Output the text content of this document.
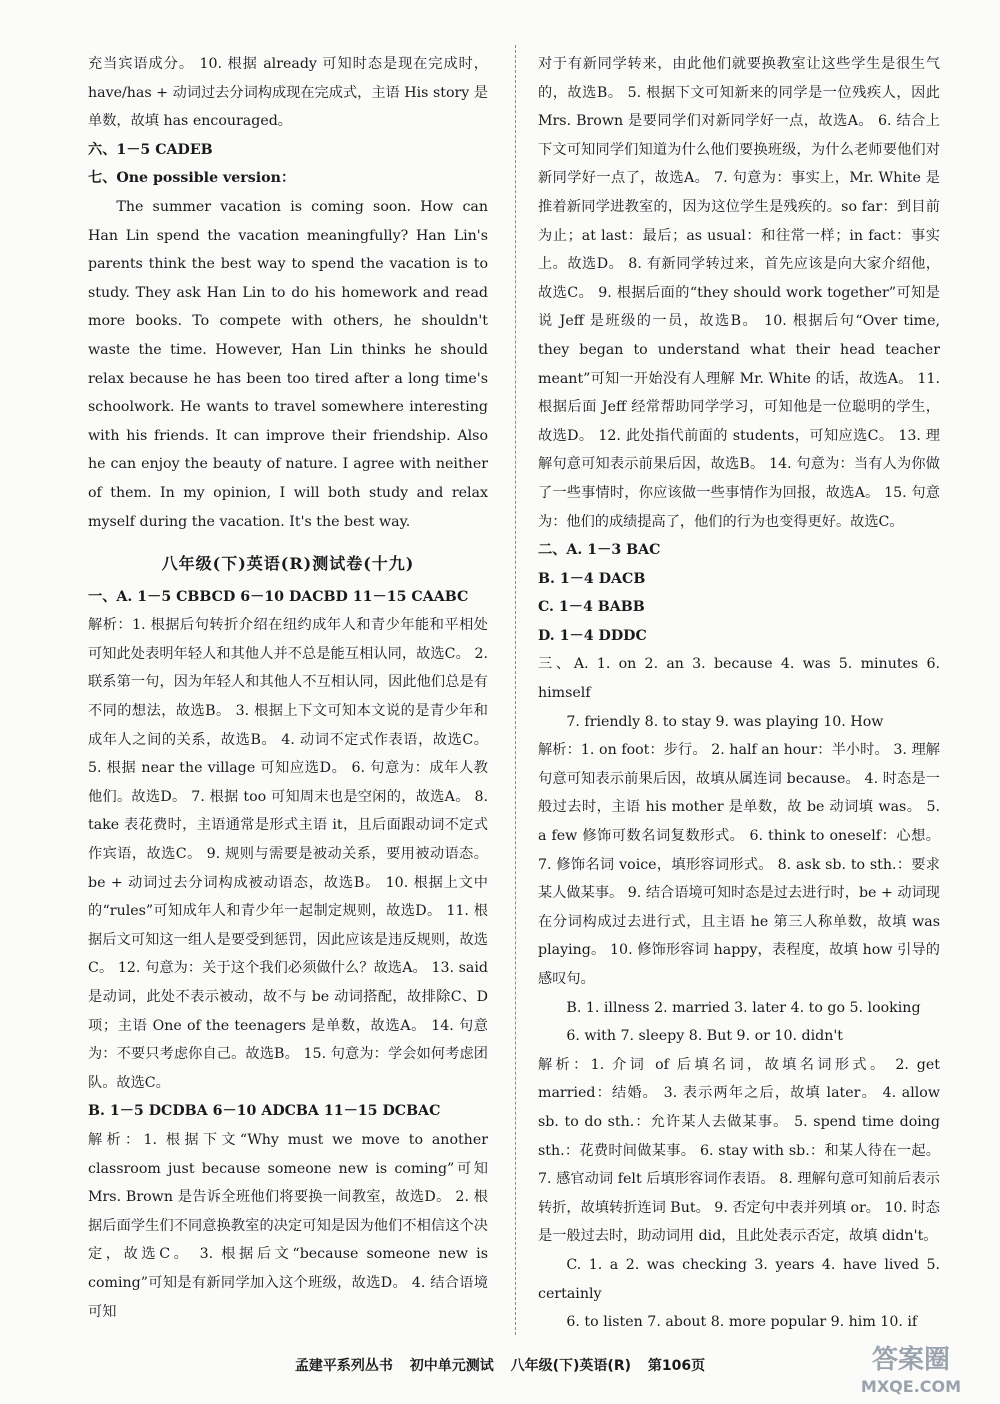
充当宾语成分。 10. 根据 already 可知时态是现在完成时，have/has + 动词过去分词构成现在完成式，主语 His story 是单数，故填 has encouraged。

六、1－5 CADEB

七、One possible version：

The summer vacation is coming soon. How can Han Lin spend the vacation meaningfully? Han Lin's parents think the best way to spend the vacation is to study. They ask Han Lin to do his homework and read more books. To compete with others, he shouldn't waste the time. However, Han Lin thinks he should relax because he has been too tired after a long time's schoolwork. He wants to travel somewhere interesting with his friends. It can improve their friendship. Also he can enjoy the beauty of nature. I agree with neither of them. In my opinion, I will both study and relax myself during the vacation. It's the best way.

八年级(下)英语(R)测试卷(十九)

一、A. 1－5 CBBCD 6－10 DACBD 11－15 CAABC

解析：1. 根据后句转折介绍在纽约成年人和青少年能和平相处可知此处表明年轻人和其他人并不总是能互相认同，故选C。 2. 联系第一句，因为年轻人和其他人不互相认同，因此他们总是有不同的想法，故选B。 3. 根据上下文可知本文说的是青少年和成年人之间的关系，故选B。 4. 动词不定式作表语，故选C。 5. 根据 near the village 可知应选D。 6. 句意为：成年人教他们。故选D。 7. 根据 too 可知周末也是空闲的，故选A。 8. take 表花费时，主语通常是形式主语 it，且后面跟动词不定式作宾语，故选C。 9. 规则与需要是被动关系，要用被动语态。be + 动词过去分词构成被动语态，故选B。 10. 根据上文中的“rules”可知成年人和青少年一起制定规则，故选D。 11. 根据后文可知这一组人是要受到惩罚，因此应该是违反规则，故选C。 12. 句意为：关于这个我们必须做什么？故选A。 13. said 是动词，此处不表示被动，故不与 be 动词搭配，故排除C、D项；主语 One of the teenagers 是单数，故选A。 14. 句意为：不要只考虑你自己。故选B。 15. 句意为：学会如何考虑团队。故选C。

B. 1－5 DCDBA 6－10 ADCBA 11－15 DCBAC

解析：1. 根据下文“Why must we move to another classroom just because someone new is coming”可知 Mrs. Brown 是告诉全班他们将要换一间教室，故选D。 2. 根据后面学生们不同意换教室的决定可知是因为他们不相信这个决定，故选C。 3. 根据后文“because someone new is coming”可知是有新同学加入这个班级，故选D。 4. 结合语境可知

对于有新同学转来，由此他们就要换教室让这些学生是很生气的，故选B。 5. 根据下文可知新来的同学是一位残疾人，因此 Mrs. Brown 是要同学们对新同学好一点，故选A。 6. 结合上下文可知同学们知道为什么他们要换班级，为什么老师要他们对新同学好一点了，故选A。 7. 句意为：事实上，Mr. White 是推着新同学进教室的，因为这位学生是残疾的。so far：到目前为止；at last：最后；as usual：和往常一样；in fact：事实上。故选D。 8. 有新同学转过来，首先应该是向大家介绍他，故选C。 9. 根据后面的“they should work together”可知是说 Jeff 是班级的一员，故选B。 10. 根据后句“Over time, they began to understand what their head teacher meant”可知一开始没有人理解 Mr. White 的话，故选A。 11. 根据后面 Jeff 经常帮助同学学习，可知他是一位聪明的学生，故选D。 12. 此处指代前面的 students，可知应选C。 13. 理解句意可知表示前果后因，故选B。 14. 句意为：当有人为你做了一些事情时，你应该做一些事情作为回报，故选A。 15. 句意为：他们的成绩提高了，他们的行为也变得更好。故选C。

二、A. 1－3 BAC

B. 1－4 DACB

C. 1－4 BABB

D. 1－4 DDDC

三、A. 1. on 2. an 3. because 4. was 5. minutes 6. himself

7. friendly 8. to stay 9. was playing 10. How

解析：1. on foot：步行。 2. half an hour：半小时。 3. 理解句意可知表示前果后因，故填从属连词 because。 4. 时态是一般过去时，主语 his mother 是单数，故 be 动词填 was。 5. a few 修饰可数名词复数形式。 6. think to oneself：心想。 7. 修饰名词 voice，填形容词形式。 8. ask sb. to sth.：要求某人做某事。 9. 结合语境可知时态是过去进行时，be + 动词现在分词构成过去进行式，且主语 he 第三人称单数，故填 was playing。 10. 修饰形容词 happy，表程度，故填 how 引导的感叹句。

B. 1. illness 2. married 3. later 4. to go 5. looking

6. with 7. sleepy 8. But 9. or 10. didn't

解析：1. 介词 of 后填名词，故填名词形式。 2. get married：结婚。 3. 表示两年之后，故填 later。 4. allow sb. to do sth.：允许某人去做某事。 5. spend time doing sth.：花费时间做某事。 6. stay with sb.：和某人待在一起。 7. 感官动词 felt 后填形容词作表语。 8. 理解句意可知前后表示转折，故填转折连词 But。 9. 否定句中表并列填 or。 10. 时态是一般过去时，助动词用 did，且此处表示否定，故填 didn't。

C. 1. a 2. was checking 3. years 4. have lived 5. certainly

6. to listen 7. about 8. more popular 9. him 10. if

孟建平系列丛书 初中单元测试 八年级(下)英语(R) 第106页	答案圈
MXQE.COM
